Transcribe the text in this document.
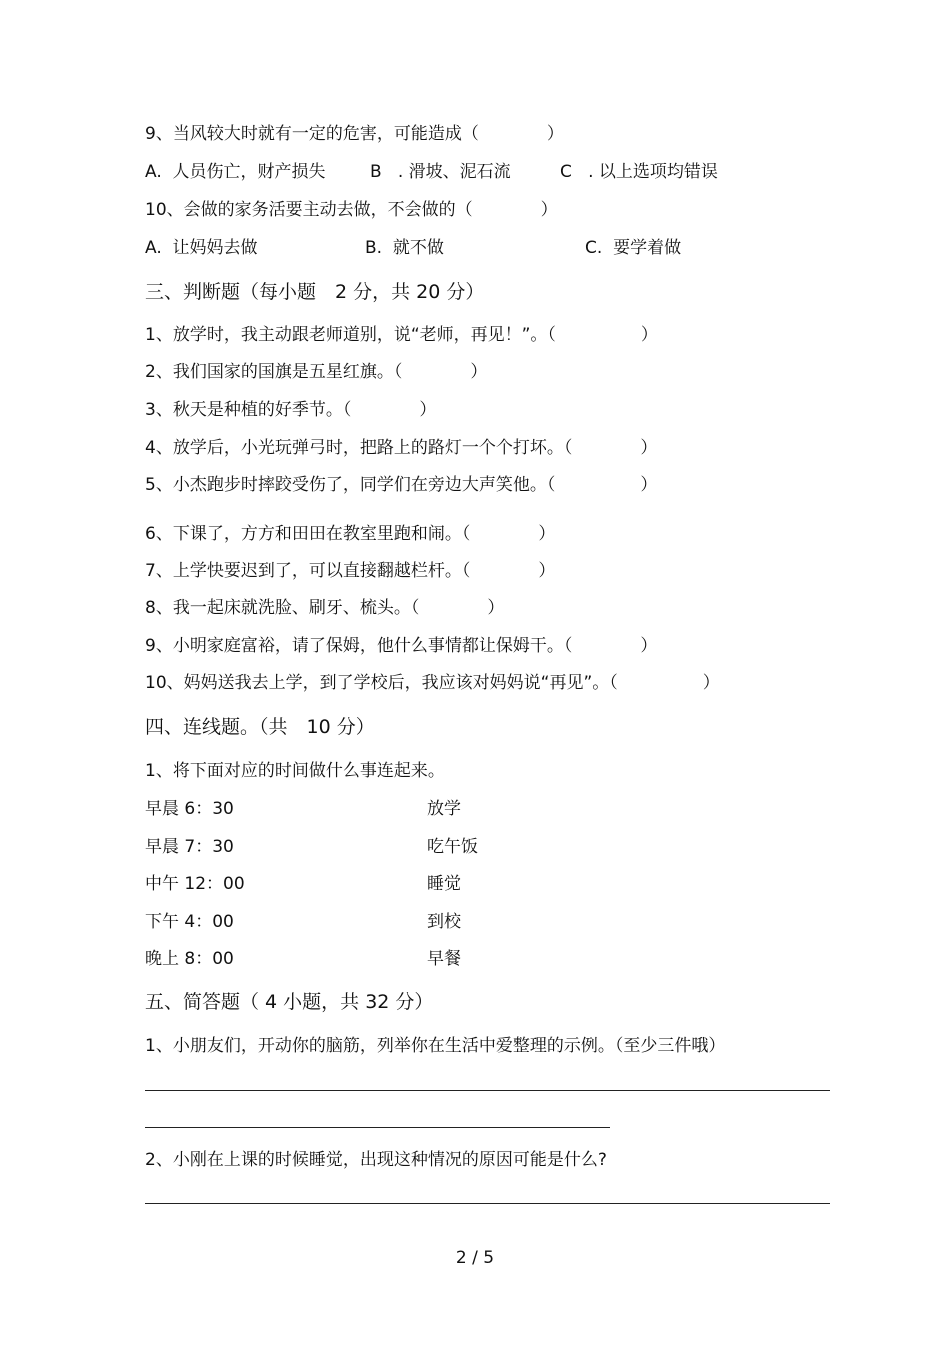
9、当风较大时就有一定的危害，可能造成（　　　　）
A.  人员伤亡，财产损失	B   . 滑坡、泥石流	C   . 以上选项均错误
10、会做的家务活要主动去做，不会做的（　　　　）
A.  让妈妈去做	B.  就不做	C.  要学着做
三、判断题（每小题　2 分，共 20 分）
1、放学时，我主动跟老师道别，说“老师，再见！”。（　　　　　）
2、我们国家的国旗是五星红旗。（　　　　）
3、秋天是种植的好季节。（　　　　）
4、放学后，小光玩弹弓时，把路上的路灯一个个打坏。（　　　　）
5、小杰跑步时摔跤受伤了，同学们在旁边大声笑他。（　　　　　）
6、下课了，方方和田田在教室里跑和闹。（　　　　）
7、上学快要迟到了，可以直接翻越栏杆。（　　　　）
8、我一起床就洗脸、刷牙、梳头。（　　　　）
9、小明家庭富裕，请了保姆，他什么事情都让保姆干。（　　　　）
10、妈妈送我去上学，到了学校后，我应该对妈妈说“再见”。（　　　　　）
四、连线题。（共　10 分）
1、将下面对应的时间做什么事连起来。
早晨 6：30	放学
早晨 7：30	吃午饭
中午 12：00	睡觉
下午 4：00	到校
晚上 8：00	早餐
五、简答题（ 4 小题，共 32 分）
1、小朋友们，开动你的脑筋，列举你在生活中爱整理的示例。（至少三件哦）
2、小刚在上课的时候睡觉，出现这种情况的原因可能是什么?
2 / 5
